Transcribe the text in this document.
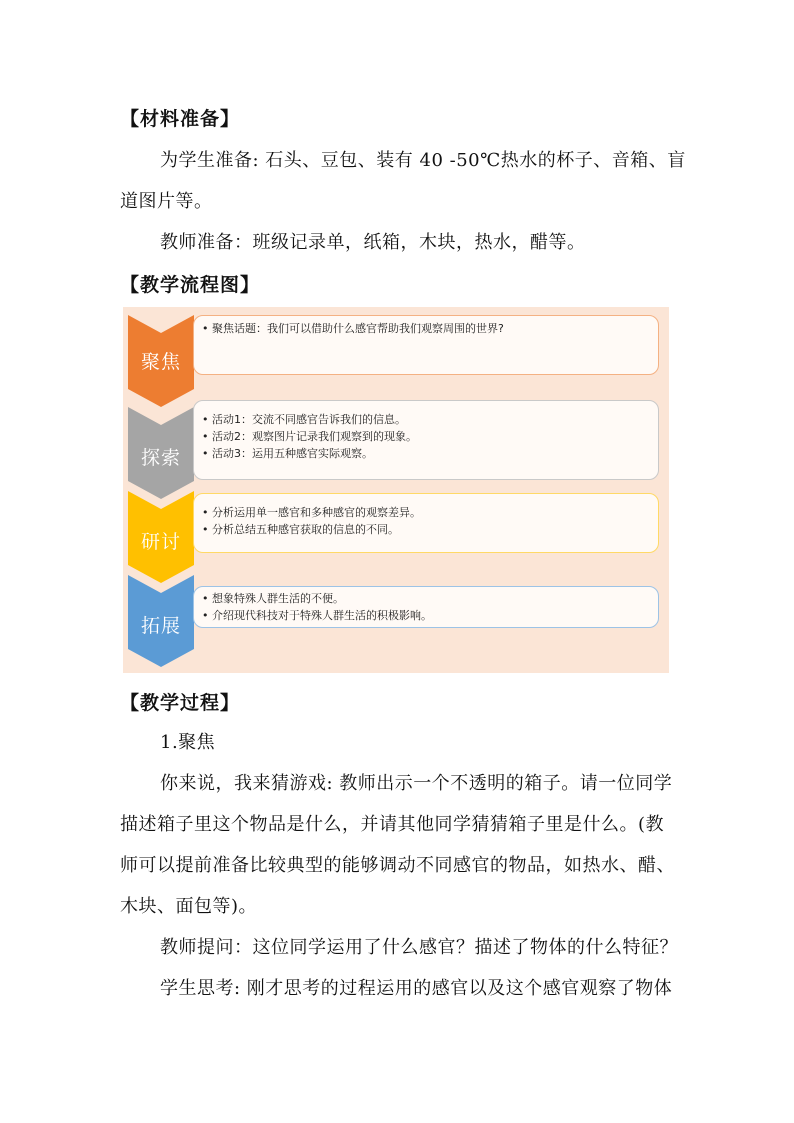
【材料准备】
为学生准备: 石头、豆包、装有 40 -50℃热水的杯子、音箱、盲
道图片等。
教师准备：班级记录单，纸箱，木块，热水，醋等。
【教学流程图】
聚焦
• 聚焦话题：我们可以借助什么感官帮助我们观察周围的世界?
探索
• 活动1：交流不同感官告诉我们的信息。
• 活动2：观察图片记录我们观察到的现象。
• 活动3：运用五种感官实际观察。
研讨
• 分析运用单一感官和多种感官的观察差异。
• 分析总结五种感官获取的信息的不同。
拓展
• 想象特殊人群生活的不便。
• 介绍现代科技对于特殊人群生活的积极影响。
【教学过程】
1.聚焦
你来说，我来猜游戏: 教师出示一个不透明的箱子。请一位同学
描述箱子里这个物品是什么，并请其他同学猜猜箱子里是什么。(教
师可以提前准备比较典型的能够调动不同感官的物品，如热水、醋、
木块、面包等)。
教师提问：这位同学运用了什么感官？描述了物体的什么特征？
学生思考: 刚才思考的过程运用的感官以及这个感官观察了物体
